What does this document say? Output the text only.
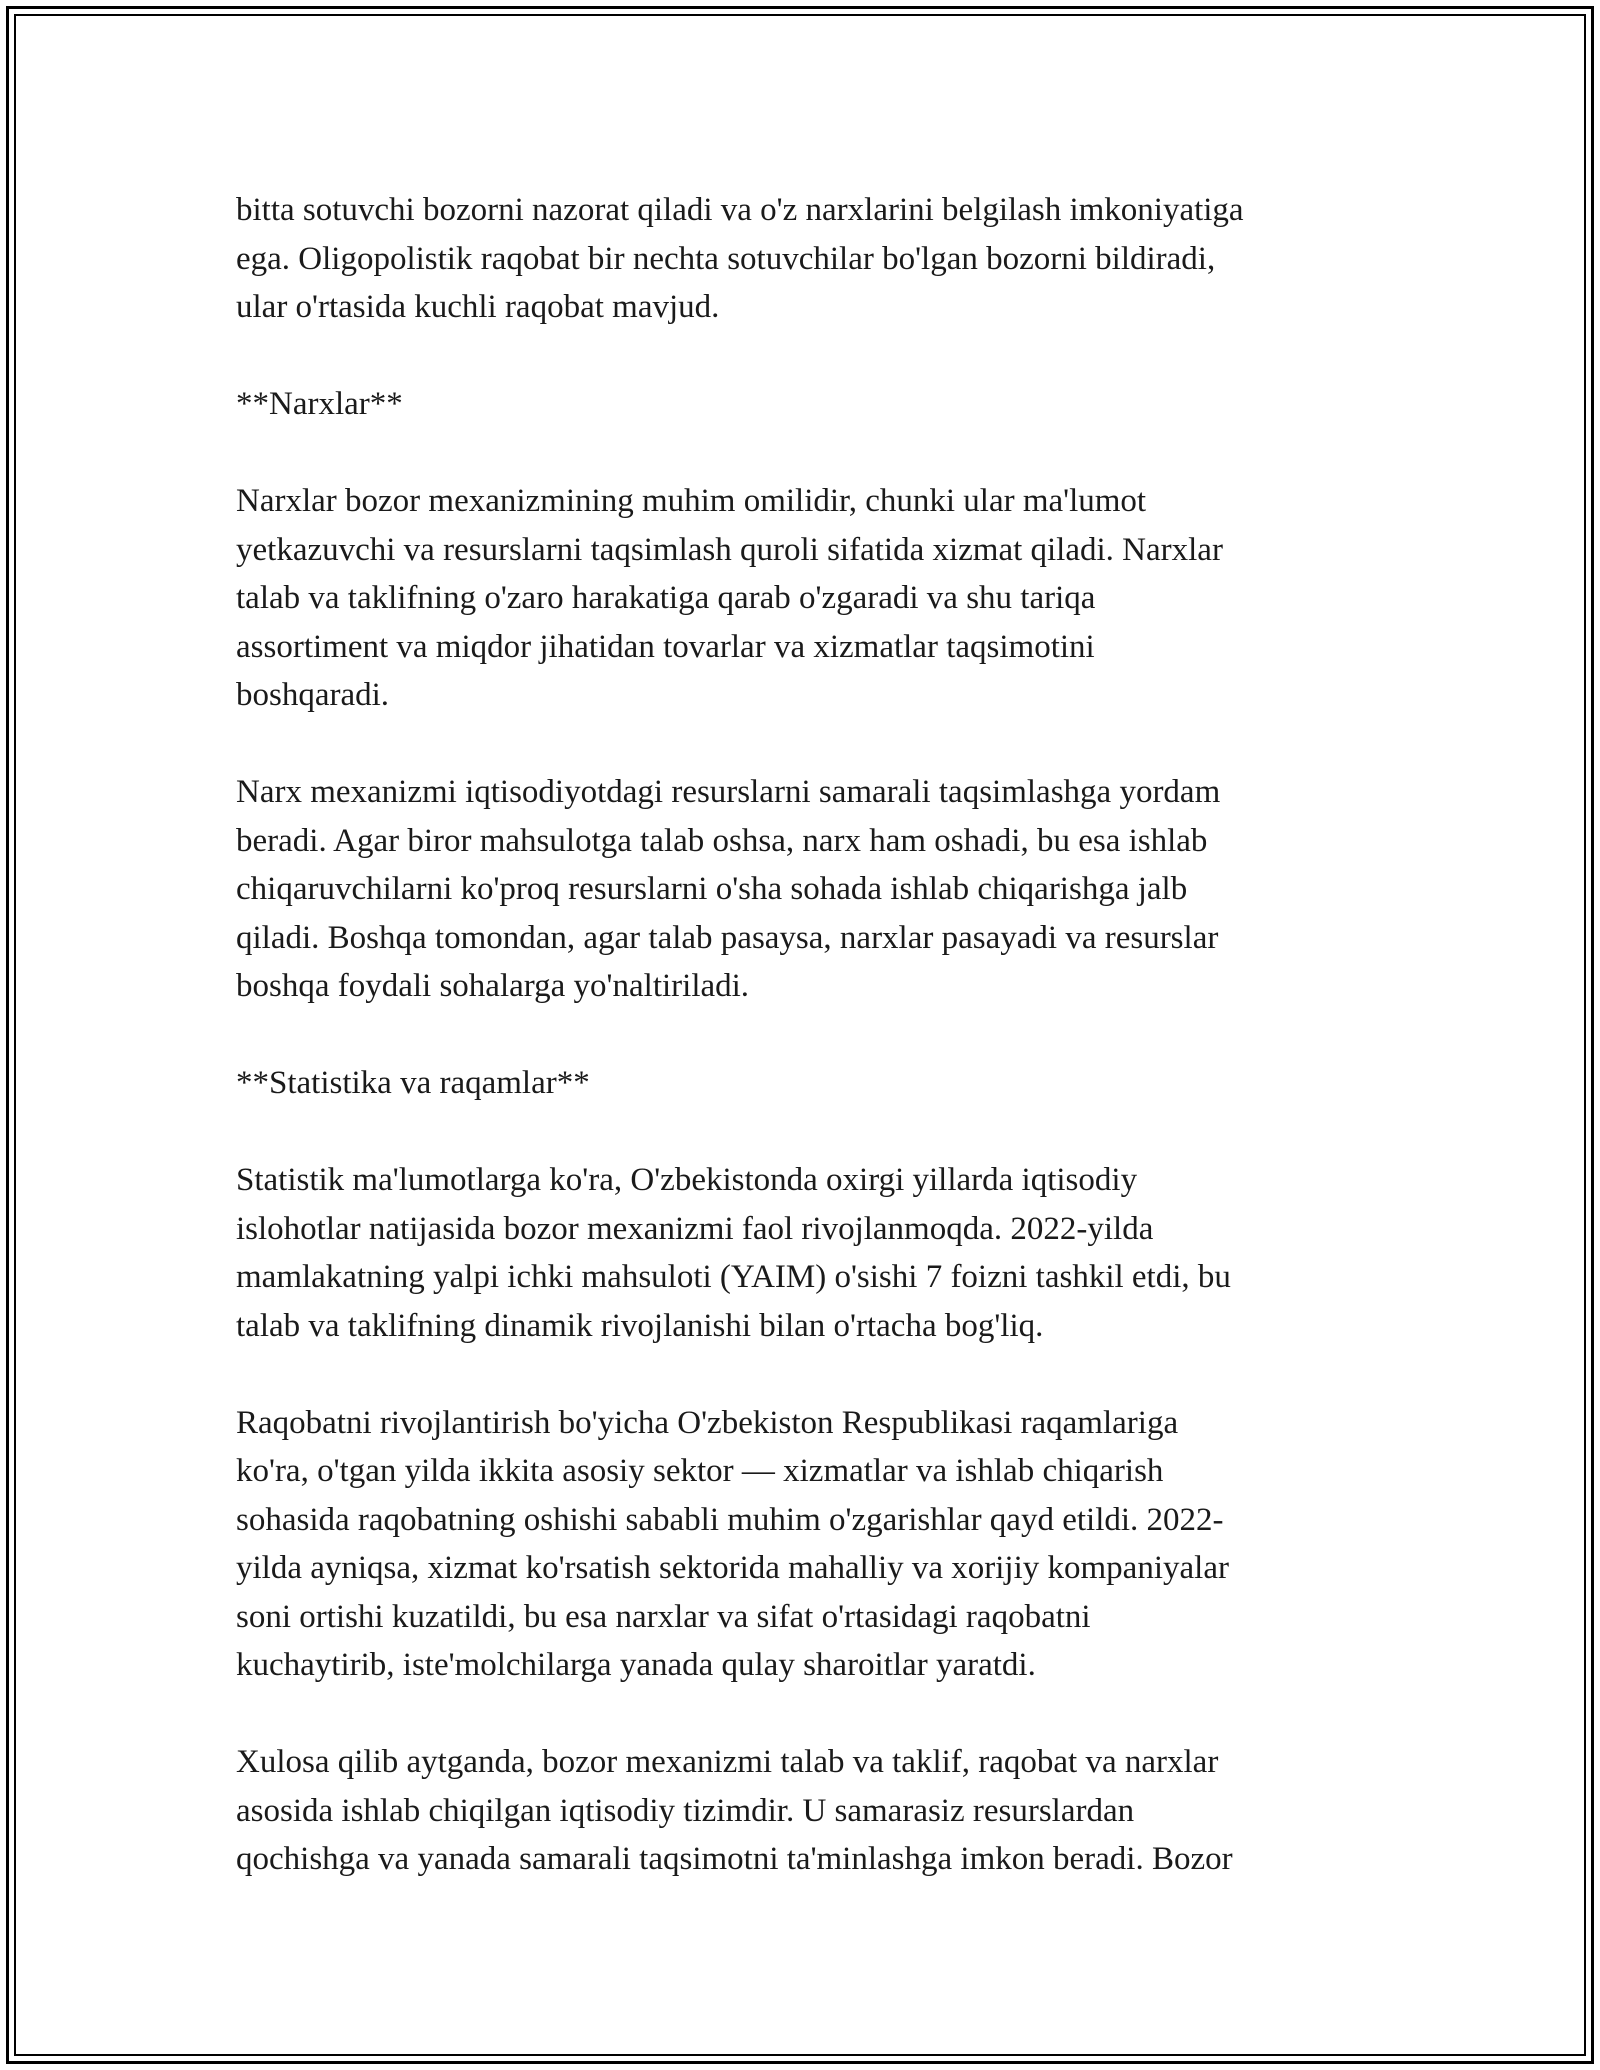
bitta sotuvchi bozorni nazorat qiladi va o'z narxlarini belgilash imkoniyatiga
ega. Oligopolistik raqobat bir nechta sotuvchilar bo'lgan bozorni bildiradi,
ular o'rtasida kuchli raqobat mavjud.

**Narxlar**

Narxlar bozor mexanizmining muhim omilidir, chunki ular ma'lumot
yetkazuvchi va resurslarni taqsimlash quroli sifatida xizmat qiladi. Narxlar
talab va taklifning o'zaro harakatiga qarab o'zgaradi va shu tariqa
assortiment va miqdor jihatidan tovarlar va xizmatlar taqsimotini
boshqaradi.

Narx mexanizmi iqtisodiyotdagi resurslarni samarali taqsimlashga yordam
beradi. Agar biror mahsulotga talab oshsa, narx ham oshadi, bu esa ishlab
chiqaruvchilarni ko'proq resurslarni o'sha sohada ishlab chiqarishga jalb
qiladi. Boshqa tomondan, agar talab pasaysa, narxlar pasayadi va resurslar
boshqa foydali sohalarga yo'naltiriladi.

**Statistika va raqamlar**

Statistik ma'lumotlarga ko'ra, O'zbekistonda oxirgi yillarda iqtisodiy
islohotlar natijasida bozor mexanizmi faol rivojlanmoqda. 2022-yilda
mamlakatning yalpi ichki mahsuloti (YAIM) o'sishi 7 foizni tashkil etdi, bu
talab va taklifning dinamik rivojlanishi bilan o'rtacha bog'liq.

Raqobatni rivojlantirish bo'yicha O'zbekiston Respublikasi raqamlariga
ko'ra, o'tgan yilda ikkita asosiy sektor — xizmatlar va ishlab chiqarish
sohasida raqobatning oshishi sababli muhim o'zgarishlar qayd etildi. 2022-
yilda ayniqsa, xizmat ko'rsatish sektorida mahalliy va xorijiy kompaniyalar
soni ortishi kuzatildi, bu esa narxlar va sifat o'rtasidagi raqobatni
kuchaytirib, iste'molchilarga yanada qulay sharoitlar yaratdi.

Xulosa qilib aytganda, bozor mexanizmi talab va taklif, raqobat va narxlar
asosida ishlab chiqilgan iqtisodiy tizimdir. U samarasiz resurslardan
qochishga va yanada samarali taqsimotni ta'minlashga imkon beradi. Bozor
